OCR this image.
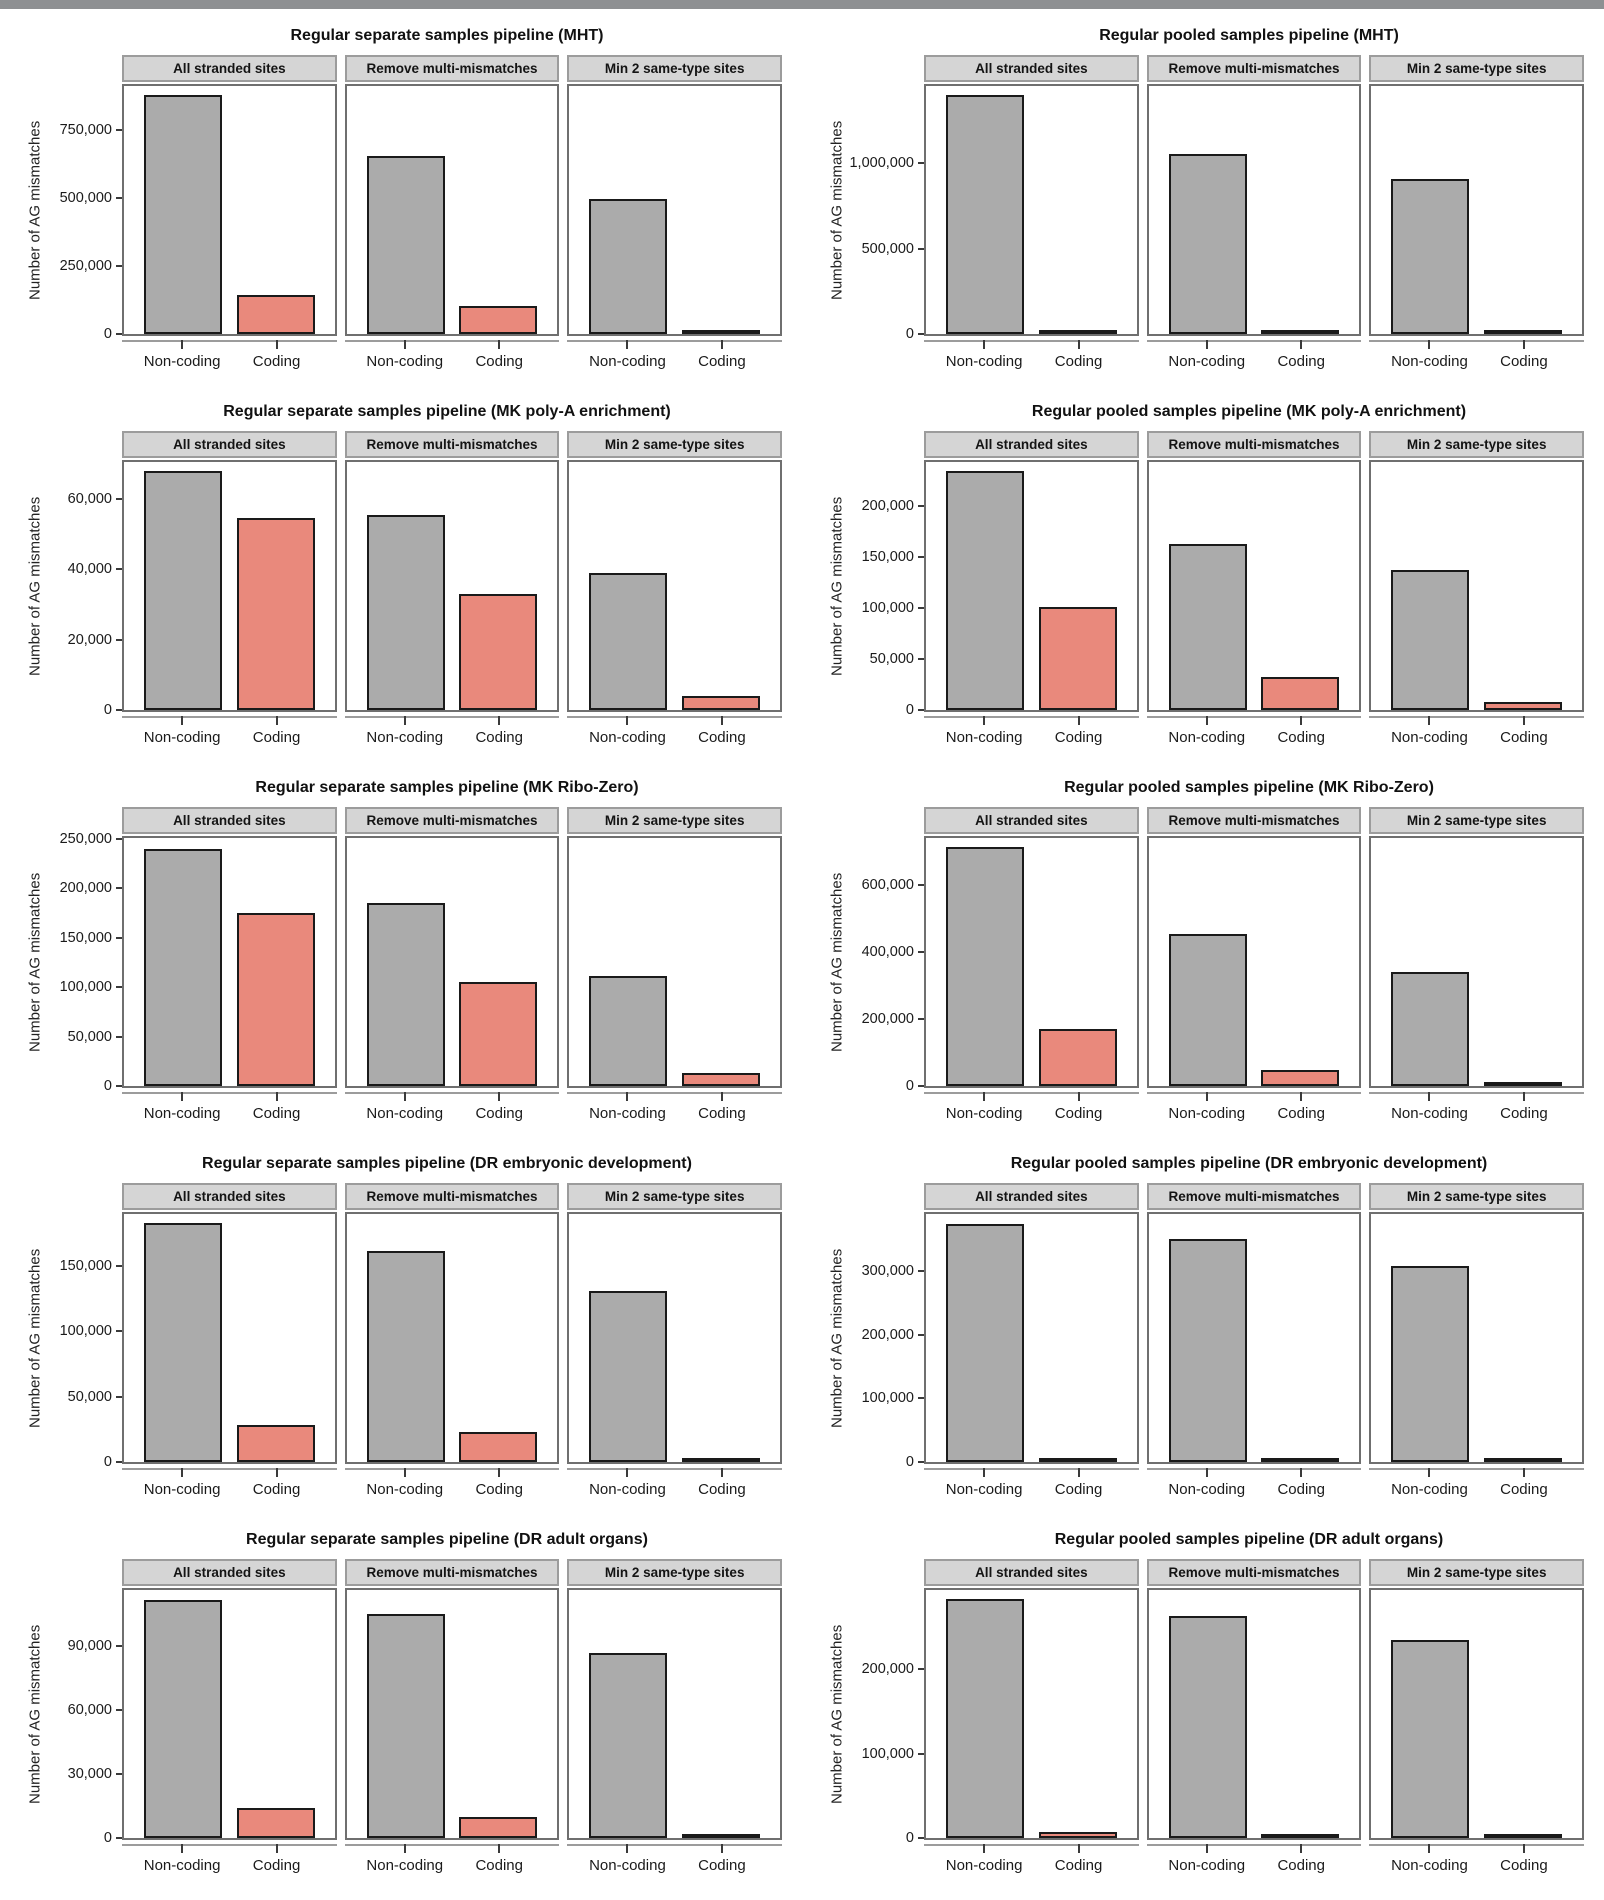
Regular separate samples pipeline (MHT)
Number of AG mismatches
0
250,000
500,000
750,000
All stranded sites
Non-coding Coding
Remove multi-mismatches
Non-coding Coding
Min 2 same-type sites
Non-coding Coding
Regular pooled samples pipeline (MHT)
Number of AG mismatches
0
500,000
1,000,000
All stranded sites
Non-coding Coding
Remove multi-mismatches
Non-coding Coding
Min 2 same-type sites
Non-coding Coding
Regular separate samples pipeline (MK poly-A enrichment)
Number of AG mismatches
0
20,000
40,000
60,000
All stranded sites
Non-coding Coding
Remove multi-mismatches
Non-coding Coding
Min 2 same-type sites
Non-coding Coding
Regular pooled samples pipeline (MK poly-A enrichment)
Number of AG mismatches
0
50,000
100,000
150,000
200,000
All stranded sites
Non-coding Coding
Remove multi-mismatches
Non-coding Coding
Min 2 same-type sites
Non-coding Coding
Regular separate samples pipeline (MK Ribo-Zero)
Number of AG mismatches
0
50,000
100,000
150,000
200,000
250,000
All stranded sites
Non-coding Coding
Remove multi-mismatches
Non-coding Coding
Min 2 same-type sites
Non-coding Coding
Regular pooled samples pipeline (MK Ribo-Zero)
Number of AG mismatches
0
200,000
400,000
600,000
All stranded sites
Non-coding Coding
Remove multi-mismatches
Non-coding Coding
Min 2 same-type sites
Non-coding Coding
Regular separate samples pipeline (DR embryonic development)
Number of AG mismatches
0
50,000
100,000
150,000
All stranded sites
Non-coding Coding
Remove multi-mismatches
Non-coding Coding
Min 2 same-type sites
Non-coding Coding
Regular pooled samples pipeline (DR embryonic development)
Number of AG mismatches
0
100,000
200,000
300,000
All stranded sites
Non-coding Coding
Remove multi-mismatches
Non-coding Coding
Min 2 same-type sites
Non-coding Coding
Regular separate samples pipeline (DR adult organs)
Number of AG mismatches
0
30,000
60,000
90,000
All stranded sites
Non-coding Coding
Remove multi-mismatches
Non-coding Coding
Min 2 same-type sites
Non-coding Coding
Regular pooled samples pipeline (DR adult organs)
Number of AG mismatches
0
100,000
200,000
All stranded sites
Non-coding Coding
Remove multi-mismatches
Non-coding Coding
Min 2 same-type sites
Non-coding Coding
